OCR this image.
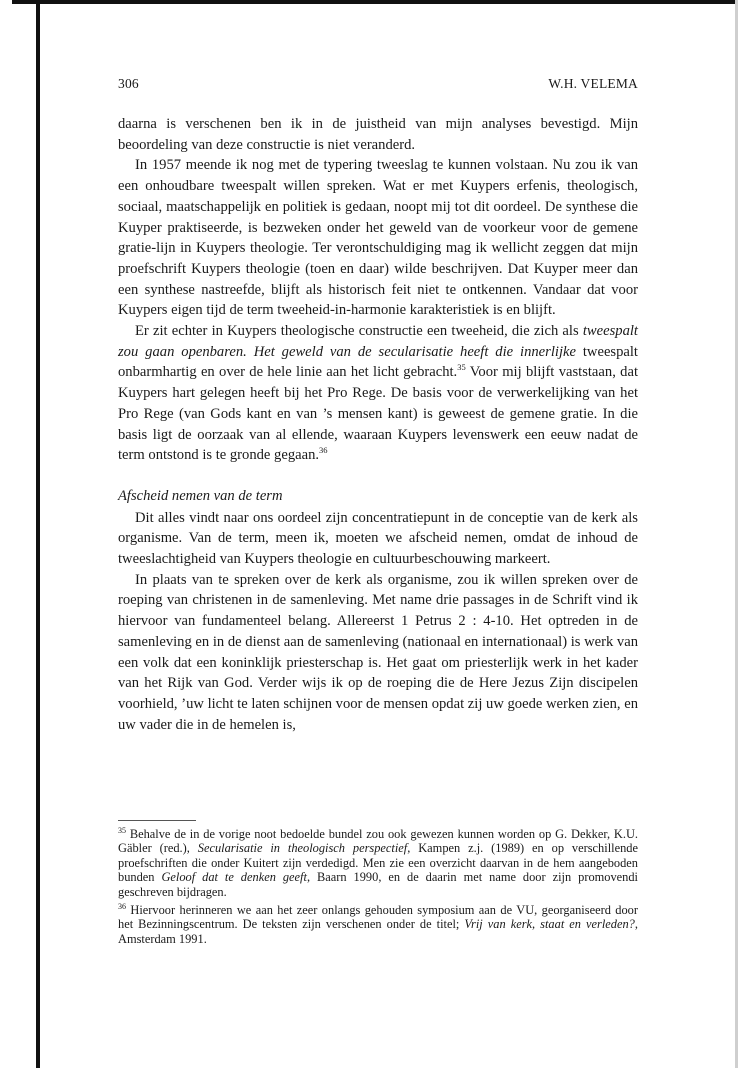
306	W.H. VELEMA

daarna is verschenen ben ik in de juistheid van mijn analyses bevestigd. Mijn beoordeling van deze constructie is niet veranderd.

In 1957 meende ik nog met de typering tweeslag te kunnen volstaan. Nu zou ik van een onhoudbare tweespalt willen spreken. Wat er met Kuypers erfenis, theologisch, sociaal, maatschappelijk en politiek is gedaan, noopt mij tot dit oordeel. De synthese die Kuyper praktiseerde, is bezweken onder het geweld van de voorkeur voor de gemene gratie-lijn in Kuypers theologie. Ter verontschuldiging mag ik wellicht zeggen dat mijn proefschrift Kuypers theologie (toen en daar) wilde beschrijven. Dat Kuyper meer dan een synthese nastreefde, blijft als historisch feit niet te ontkennen. Vandaar dat voor Kuypers eigen tijd de term tweeheid-in-harmonie karakteristiek is en blijft.

Er zit echter in Kuypers theologische constructie een tweeheid, die zich als tweespalt zou gaan openbaren. Het geweld van de secularisatie heeft die innerlijke tweespalt onbarmhartig en over de hele linie aan het licht gebracht.$^{35}$ Voor mij blijft vaststaan, dat Kuypers hart gelegen heeft bij het Pro Rege. De basis voor de verwerkelijking van het Pro Rege (van Gods kant en van ’s mensen kant) is geweest de gemene gratie. In die basis ligt de oorzaak van al ellende, waaraan Kuypers levenswerk een eeuw nadat de term ontstond is te gronde gegaan.$^{36}$

Afscheid nemen van de term

Dit alles vindt naar ons oordeel zijn concentratiepunt in de conceptie van de kerk als organisme. Van de term, meen ik, moeten we afscheid nemen, omdat de inhoud de tweeslachtigheid van Kuypers theologie en cultuurbeschouwing markeert.

In plaats van te spreken over de kerk als organisme, zou ik willen spreken over de roeping van christenen in de samenleving. Met name drie passages in de Schrift vind ik hiervoor van fundamenteel belang. Allereerst 1 Petrus 2 : 4-10. Het optreden in de samenleving en in de dienst aan de samenleving (nationaal en internationaal) is werk van een volk dat een koninklijk priesterschap is. Het gaat om priesterlijk werk in het kader van het Rijk van God. Verder wijs ik op de roeping die de Here Jezus Zijn discipelen voorhield, ’uw licht te laten schijnen voor de mensen opdat zij uw goede werken zien, en uw vader die in de hemelen is,

$^{35}$ Behalve de in de vorige noot bedoelde bundel zou ook gewezen kunnen worden op G. Dekker, K.U. Gäbler (red.), Secularisatie in theologisch perspectief, Kampen z.j. (1989) en op verschillende proefschriften die onder Kuitert zijn verdedigd. Men zie een overzicht daarvan in de hem aangeboden bunden Geloof dat te denken geeft, Baarn 1990, en de daarin met name door zijn promovendi geschreven bijdragen.

$^{36}$ Hiervoor herinneren we aan het zeer onlangs gehouden symposium aan de VU, georganiseerd door het Bezinningscentrum. De teksten zijn verschenen onder de titel; Vrij van kerk, staat en verleden?, Amsterdam 1991.
